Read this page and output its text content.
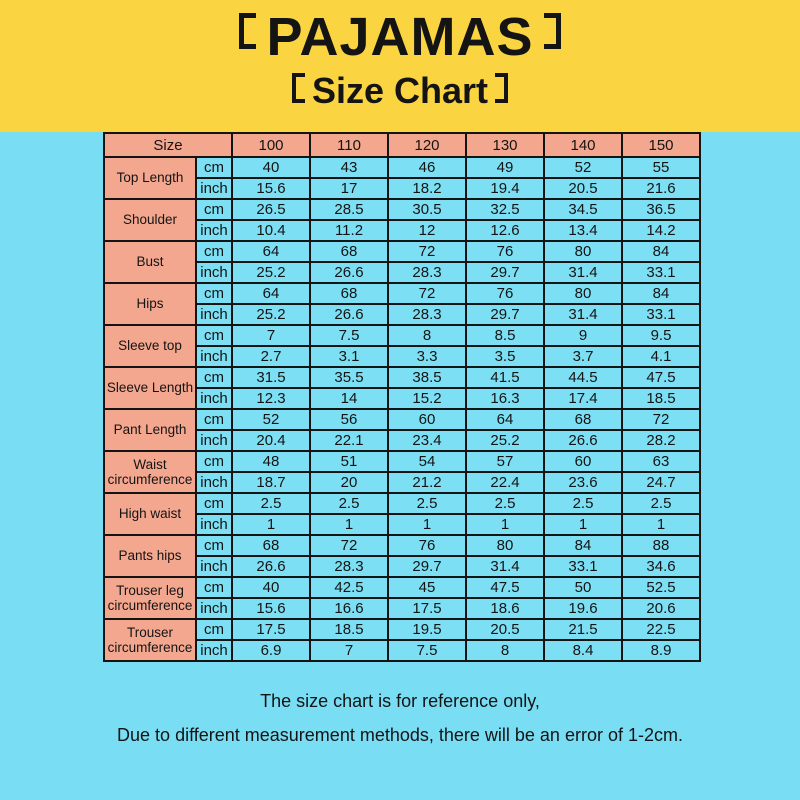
PAJAMAS
Size Chart
Size		100	110	120	130	140	150
Top Length	cm	40	43	46	49	52	55
	inch	15.6	17	18.2	19.4	20.5	21.6
Shoulder	cm	26.5	28.5	30.5	32.5	34.5	36.5
	inch	10.4	11.2	12	12.6	13.4	14.2
Bust	cm	64	68	72	76	80	84
	inch	25.2	26.6	28.3	29.7	31.4	33.1
Hips	cm	64	68	72	76	80	84
	inch	25.2	26.6	28.3	29.7	31.4	33.1
Sleeve top	cm	7	7.5	8	8.5	9	9.5
	inch	2.7	3.1	3.3	3.5	3.7	4.1
Sleeve Length	cm	31.5	35.5	38.5	41.5	44.5	47.5
	inch	12.3	14	15.2	16.3	17.4	18.5
Pant Length	cm	52	56	60	64	68	72
	inch	20.4	22.1	23.4	25.2	26.6	28.2
Waist circumference	cm	48	51	54	57	60	63
	inch	18.7	20	21.2	22.4	23.6	24.7
High waist	cm	2.5	2.5	2.5	2.5	2.5	2.5
	inch	1	1	1	1	1	1
Pants hips	cm	68	72	76	80	84	88
	inch	26.6	28.3	29.7	31.4	33.1	34.6
Trouser leg circumference	cm	40	42.5	45	47.5	50	52.5
	inch	15.6	16.6	17.5	18.6	19.6	20.6
Trouser circumference	cm	17.5	18.5	19.5	20.5	21.5	22.5
	inch	6.9	7	7.5	8	8.4	8.9
The size chart is for reference only,
Due to different measurement methods, there will be an error of 1-2cm.
